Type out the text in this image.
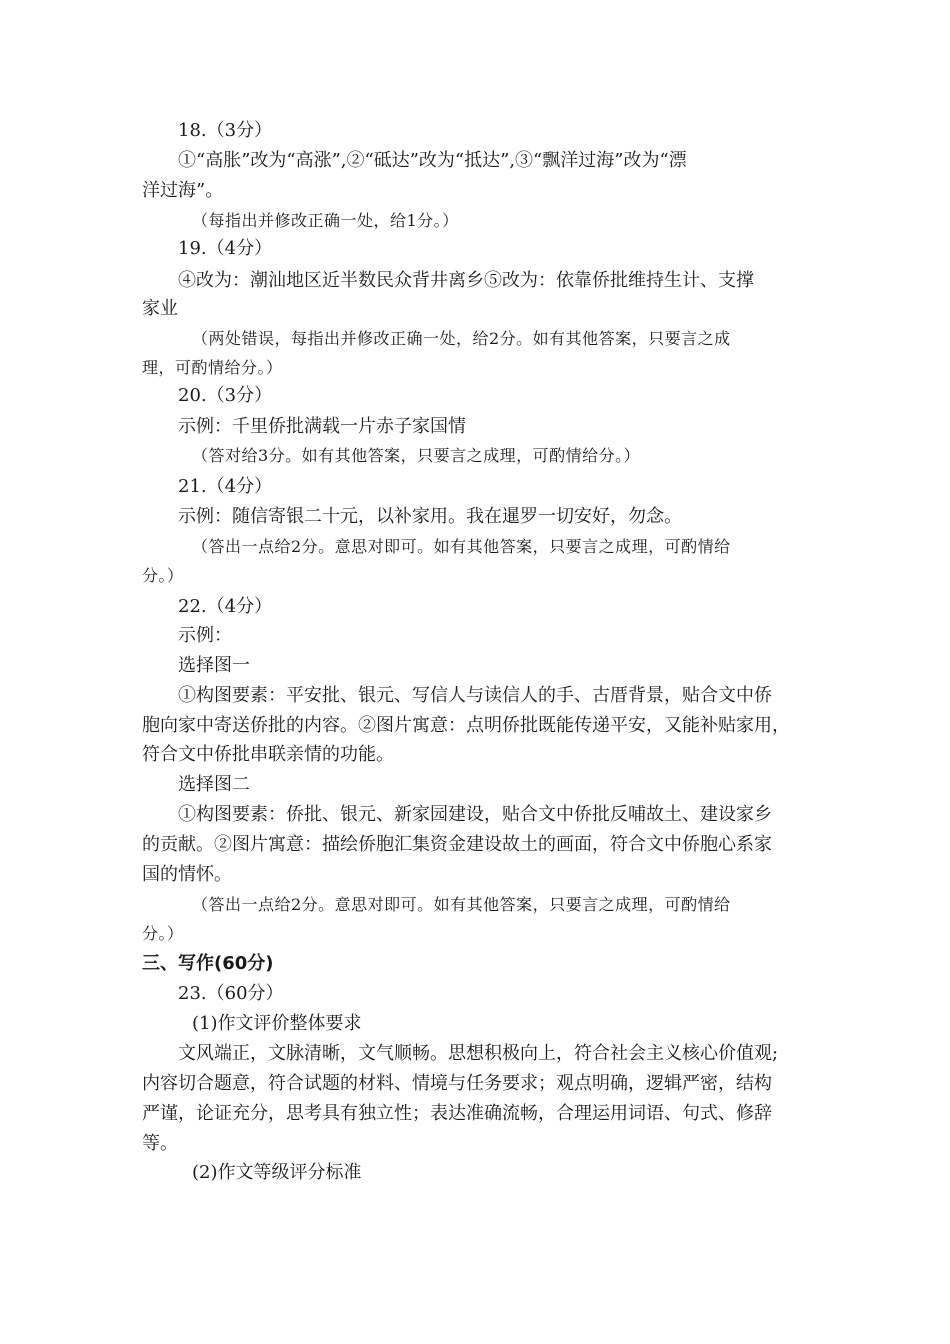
18.（3分）
①“高胀”改为“高涨”,②“砥达”改为“抵达”,③“飘洋过海”改为“漂
洋过海”。
（每指出并修改正确一处，给1分。）
19.（4分）
④改为：潮汕地区近半数民众背井离乡⑤改为：依靠侨批维持生计、支撑
家业
（两处错误，每指出并修改正确一处，给2分。如有其他答案，只要言之成
理，可酌情给分。）
20.（3分）
示例：千里侨批满载一片赤子家国情
（答对给3分。如有其他答案，只要言之成理，可酌情给分。）
21.（4分）
示例：随信寄银二十元，以补家用。我在暹罗一切安好，勿念。
（答出一点给2分。意思对即可。如有其他答案，只要言之成理，可酌情给
分。）
22.（4分）
示例：
选择图一
①构图要素：平安批、银元、写信人与读信人的手、古厝背景，贴合文中侨
胞向家中寄送侨批的内容。②图片寓意：点明侨批既能传递平安，又能补贴家用，
符合文中侨批串联亲情的功能。
选择图二
①构图要素：侨批、银元、新家园建设，贴合文中侨批反哺故土、建设家乡
的贡献。②图片寓意：描绘侨胞汇集资金建设故土的画面，符合文中侨胞心系家
国的情怀。
（答出一点给2分。意思对即可。如有其他答案，只要言之成理，可酌情给
分。）
三、写作(60分)
23.（60分）
(1)作文评价整体要求
文风端正，文脉清晰，文气顺畅。思想积极向上，符合社会主义核心价值观;
内容切合题意，符合试题的材料、情境与任务要求；观点明确，逻辑严密，结构
严谨，论证充分，思考具有独立性；表达准确流畅，合理运用词语、句式、修辞
等。
(2)作文等级评分标准
